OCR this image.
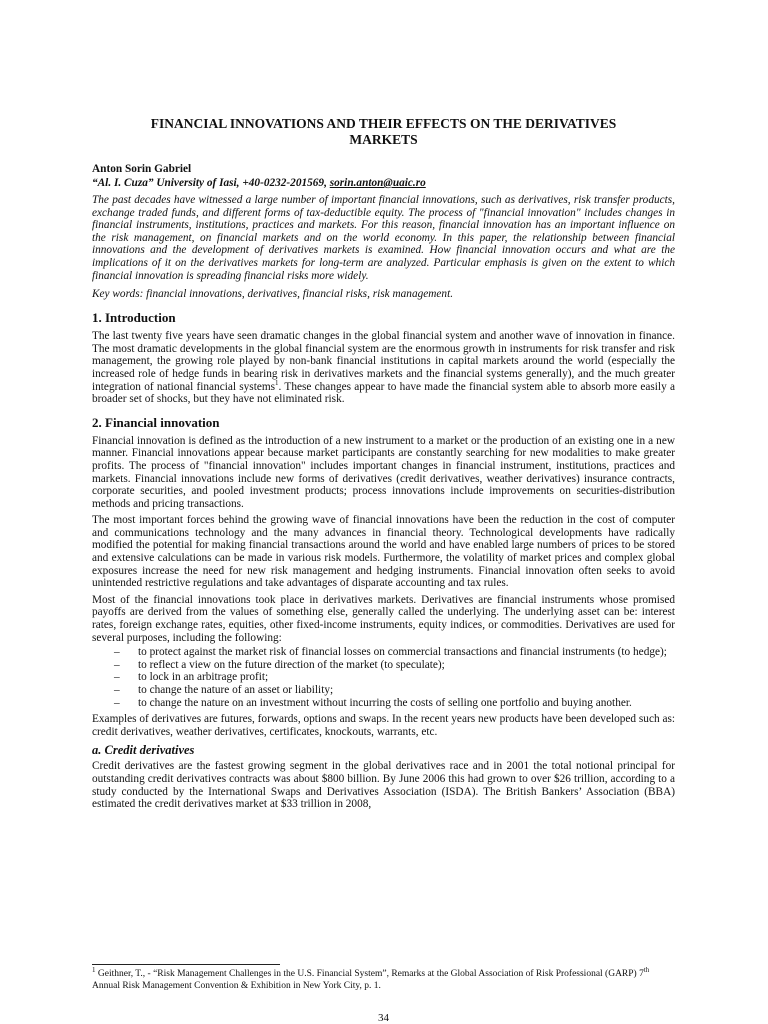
FINANCIAL INNOVATIONS AND THEIR EFFECTS ON THE DERIVATIVES
MARKETS
Anton Sorin Gabriel
“Al. I. Cuza” University of Iasi, +40-0232-201569, sorin.anton@uaic.ro
The past decades have witnessed a large number of important financial innovations, such as derivatives, risk transfer products, exchange traded funds, and different forms of tax-deductible equity. The process of "financial innovation" includes changes in financial instruments, institutions, practices and markets. For this reason, financial innovation has an important influence on the risk management, on financial markets and on the world economy. In this paper, the relationship between financial innovations and the development of derivatives markets is examined. How financial innovation occurs and what are the implications of it on the derivatives markets for long-term are analyzed. Particular emphasis is given on the extent to which financial innovation is spreading financial risks more widely.
Key words: financial innovations, derivatives, financial risks, risk management.
1. Introduction

The last twenty five years have seen dramatic changes in the global financial system and another wave of innovation in finance. The most dramatic developments in the global financial system are the enormous growth in instruments for risk transfer and risk management, the growing role played by non-bank financial institutions in capital markets around the world (especially the increased role of hedge funds in bearing risk in derivatives markets and the financial systems generally), and the much greater integration of national financial systems$^1$. These changes appear to have made the financial system able to absorb more easily a broader set of shocks, but they have not eliminated risk.

2. Financial innovation

Financial innovation is defined as the introduction of a new instrument to a market or the production of an existing one in a new manner. Financial innovations appear because market participants are constantly searching for new modalities to make greater profits. The process of "financial innovation" includes important changes in financial instrument, institutions, practices and markets. Financial innovations include new forms of derivatives (credit derivatives, weather derivatives) insurance contracts, corporate securities, and pooled investment products; process innovations include improvements on securities-distribution methods and pricing transactions.

The most important forces behind the growing wave of financial innovations have been the reduction in the cost of computer and communications technology and the many advances in financial theory. Technological developments have radically modified the potential for making financial transactions around the world and have enabled large numbers of prices to be stored and extensive calculations can be made in various risk models. Furthermore, the volatility of market prices and complex global exposures increase the need for new risk management and hedging instruments. Financial innovation often seeks to avoid unintended restrictive regulations and take advantages of disparate accounting and tax rules.

Most of the financial innovations took place in derivatives markets. Derivatives are financial instruments whose promised payoffs are derived from the values of something else, generally called the underlying. The underlying asset can be: interest rates, foreign exchange rates, equities, other fixed-income instruments, equity indices, or commodities. Derivatives are used for several purposes, including the following:

– to protect against the market risk of financial losses on commercial transactions and financial instruments (to hedge);
– to reflect a view on the future direction of the market (to speculate);
– to lock in an arbitrage profit;
– to change the nature of an asset or liability;
– to change the nature on an investment without incurring the costs of selling one portfolio and buying another.

Examples of derivatives are futures, forwards, options and swaps. In the recent years new products have been developed such as: credit derivatives, weather derivatives, certificates, knockouts, warrants, etc.

a. Credit derivatives

Credit derivatives are the fastest growing segment in the global derivatives race and in 2001 the total notional principal for outstanding credit derivatives contracts was about $800 billion. By June 2006 this had grown to over $26 trillion, according to a study conducted by the International Swaps and Derivatives Association (ISDA). The British Bankers’ Association (BBA) estimated the credit derivatives market at $33 trillion in 2008,

$^1$ Geithner, T., - “Risk Management Challenges in the U.S. Financial System”, Remarks at the Global Association of Risk Professional (GARP) 7th Annual Risk Management Convention & Exhibition in New York City, p. 1.
34
